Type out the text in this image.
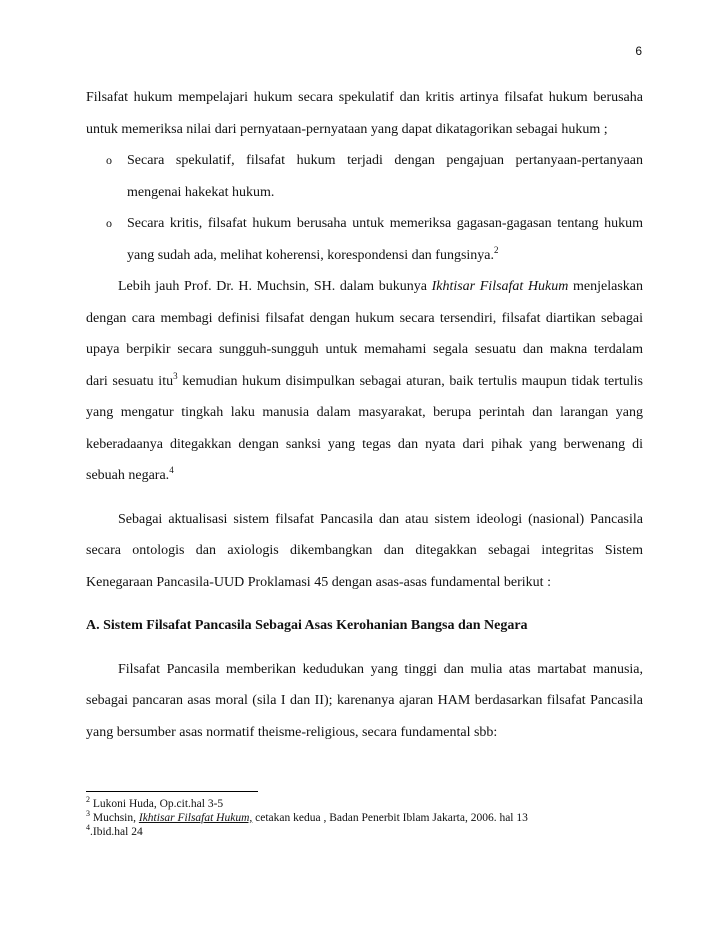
6
Filsafat hukum mempelajari hukum secara spekulatif dan kritis artinya filsafat hukum berusaha
untuk memeriksa nilai dari pernyataan-pernyataan yang dapat dikatagorikan sebagai hukum ;
o Secara spekulatif, filsafat hukum terjadi dengan pengajuan pertanyaan-pertanyaan
mengenai hakekat hukum.
o Secara kritis, filsafat hukum berusaha untuk memeriksa gagasan-gagasan tentang hukum
yang sudah ada, melihat koherensi, korespondensi dan fungsinya.$^2$
Lebih jauh Prof. Dr. H. Muchsin, SH. dalam bukunya Ikhtisar Filsafat Hukum menjelaskan
dengan cara membagi definisi filsafat dengan hukum secara tersendiri, filsafat diartikan sebagai
upaya berpikir secara sungguh-sungguh untuk memahami segala sesuatu dan makna terdalam
dari sesuatu itu$^3$ kemudian hukum disimpulkan sebagai aturan, baik tertulis maupun tidak tertulis
yang mengatur tingkah laku manusia dalam masyarakat, berupa perintah dan larangan yang
keberadaanya ditegakkan dengan sanksi yang tegas dan nyata dari pihak yang berwenang di
sebuah negara.$^4$
Sebagai aktualisasi sistem filsafat Pancasila dan atau sistem ideologi (nasional) Pancasila
secara ontologis dan axiologis dikembangkan dan ditegakkan sebagai integritas Sistem
Kenegaraan Pancasila-UUD Proklamasi 45 dengan asas-asas fundamental berikut :
A. Sistem Filsafat Pancasila Sebagai Asas Kerohanian Bangsa dan Negara
Filsafat Pancasila memberikan kedudukan yang tinggi dan mulia atas martabat manusia,
sebagai pancaran asas moral (sila I dan II); karenanya ajaran HAM berdasarkan filsafat Pancasila
yang bersumber asas normatif theisme-religious, secara fundamental sbb:
$^2$ Lukoni Huda, Op.cit.hal 3-5
$^3$ Muchsin, Ikhtisar Filsafat Hukum, cetakan kedua , Badan Penerbit Iblam Jakarta, 2006. hal 13
$^4$.Ibid.hal 24
